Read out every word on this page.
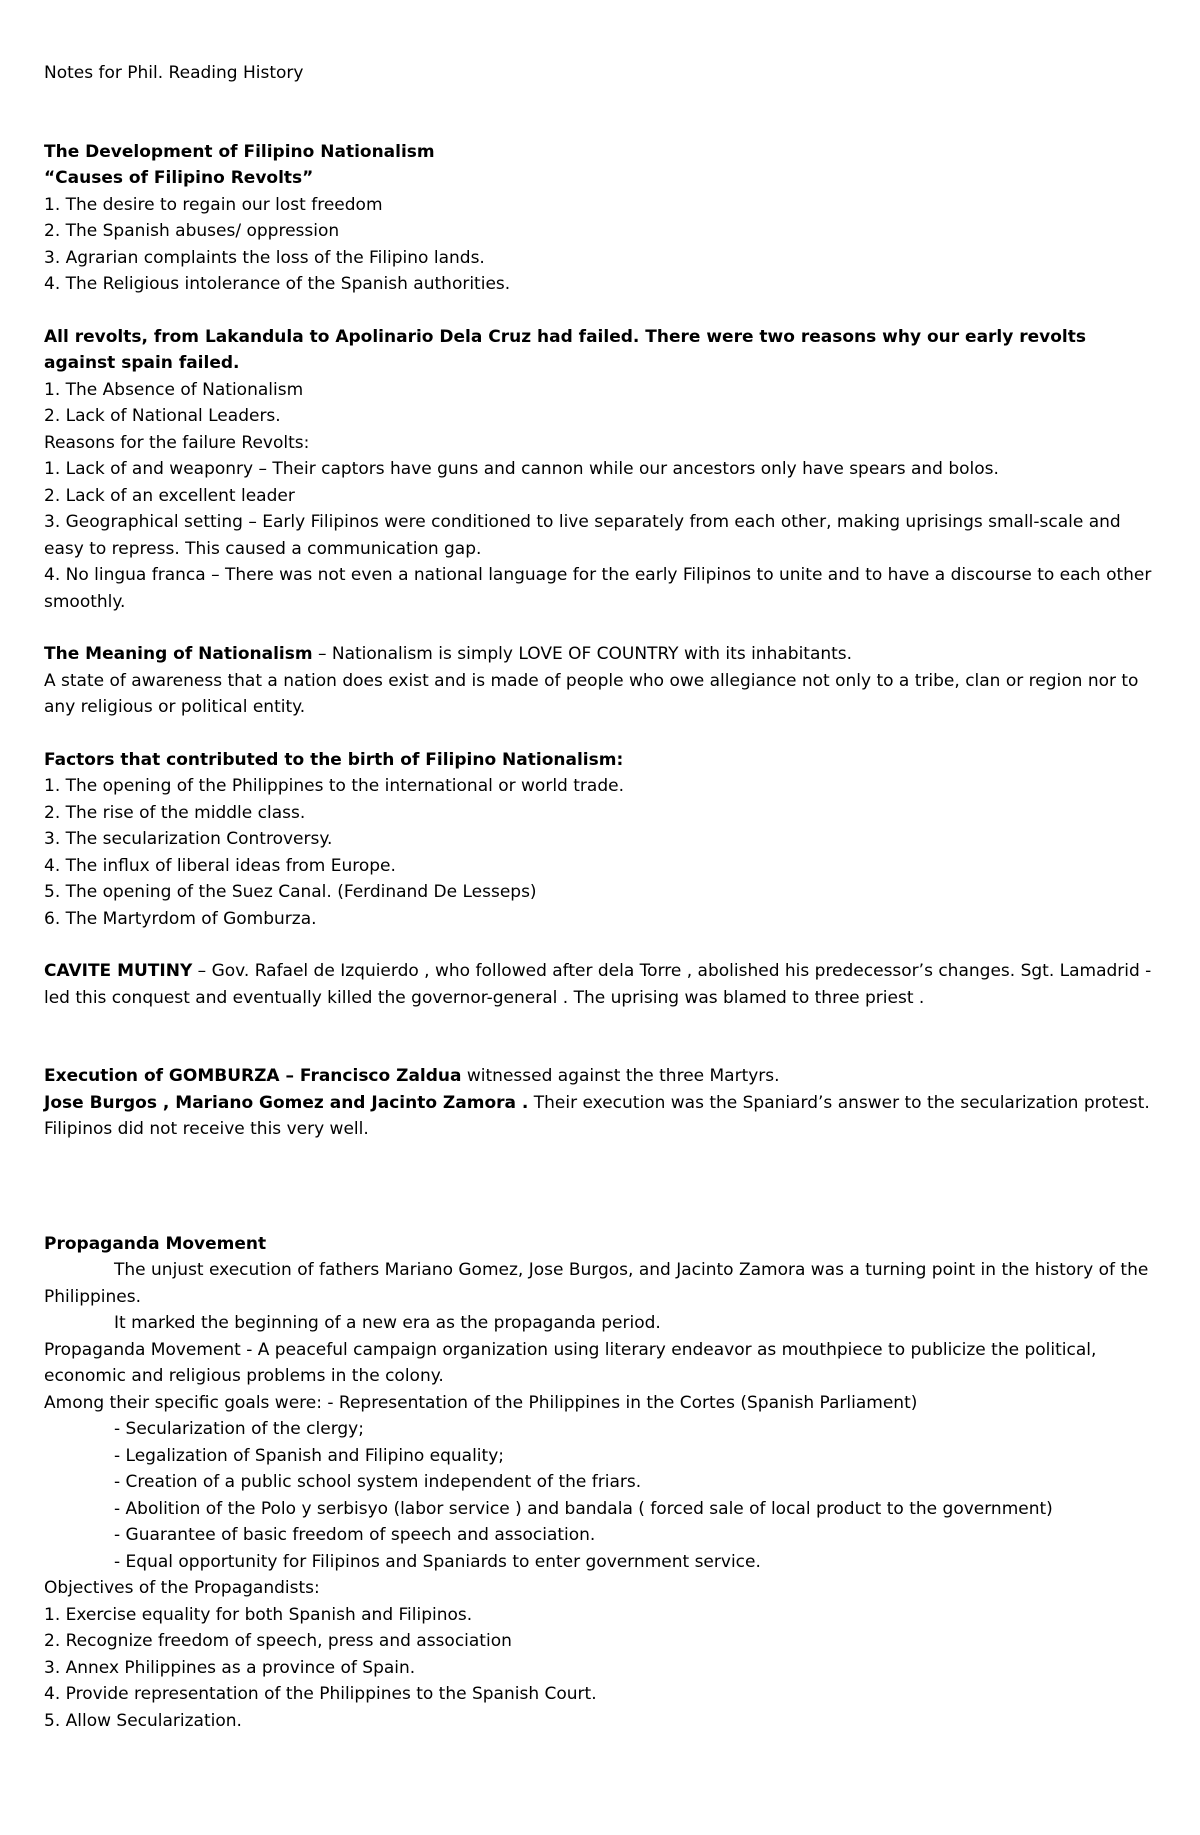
Notes for Phil. Reading History

The Development of Filipino Nationalism

“Causes of Filipino Revolts”

1. The desire to regain our lost freedom

2. The Spanish abuses/ oppression

3. Agrarian complaints the loss of the Filipino lands.

4. The Religious intolerance of the Spanish authorities.

All revolts, from Lakandula to Apolinario Dela Cruz had failed. There were two reasons why our early revolts against spain failed.

1. The Absence of Nationalism

2. Lack of National Leaders.

Reasons for the failure Revolts:

1. Lack of and weaponry – Their captors have guns and cannon while our ancestors only have spears and bolos.

2. Lack of an excellent leader

3. Geographical setting – Early Filipinos were conditioned to live separately from each other, making uprisings small-scale and easy to repress. This caused a communication gap.

4. No lingua franca – There was not even a national language for the early Filipinos to unite and to have a discourse to each other smoothly.

The Meaning of Nationalism – Nationalism is simply LOVE OF COUNTRY with its inhabitants.

A state of awareness that a nation does exist and is made of people who owe allegiance not only to a tribe, clan or region nor to any religious or political entity.

Factors that contributed to the birth of Filipino Nationalism:

1. The opening of the Philippines to the international or world trade.

2. The rise of the middle class.

3. The secularization Controversy.

4. The influx of liberal ideas from Europe.

5. The opening of the Suez Canal. (Ferdinand De Lesseps)

6. The Martyrdom of Gomburza.

CAVITE MUTINY – Gov. Rafael de Izquierdo , who followed after dela Torre , abolished his predecessor’s changes. Sgt. Lamadrid - led this conquest and eventually killed the governor-general . The uprising was blamed to three priest .

Execution of GOMBURZA – Francisco Zaldua witnessed against the three Martyrs.

Jose Burgos , Mariano Gomez and Jacinto Zamora . Their execution was the Spaniard’s answer to the secularization protest. Filipinos did not receive this very well.

Propaganda Movement

The unjust execution of fathers Mariano Gomez, Jose Burgos, and Jacinto Zamora was a turning point in the history of the Philippines.

It marked the beginning of a new era as the propaganda period.

Propaganda Movement - A peaceful campaign organization using literary endeavor as mouthpiece to publicize the political, economic and religious problems in the colony.

Among their specific goals were: - Representation of the Philippines in the Cortes (Spanish Parliament)

- Secularization of the clergy;

- Legalization of Spanish and Filipino equality;

- Creation of a public school system independent of the friars.

- Abolition of the Polo y serbisyo (labor service ) and bandala ( forced sale of local product to the government)

- Guarantee of basic freedom of speech and association.

- Equal opportunity for Filipinos and Spaniards to enter government service.

Objectives of the Propagandists:

1. Exercise equality for both Spanish and Filipinos.

2. Recognize freedom of speech, press and association

3. Annex Philippines as a province of Spain.

4. Provide representation of the Philippines to the Spanish Court.

5. Allow Secularization.
